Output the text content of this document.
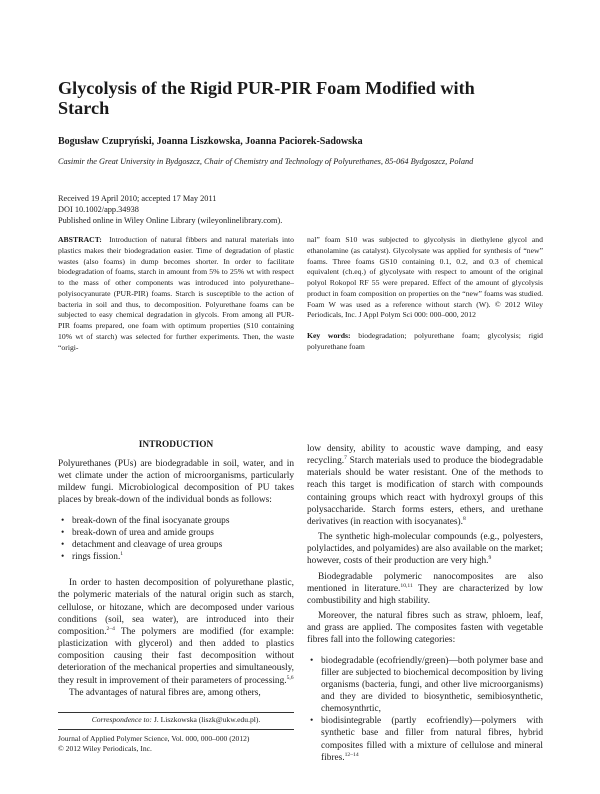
Glycolysis of the Rigid PUR-PIR Foam Modified with Starch
Bogusław Czupryński, Joanna Liszkowska, Joanna Paciorek-Sadowska
Casimir the Great University in Bydgoszcz, Chair of Chemistry and Technology of Polyurethanes, 85-064 Bydgoszcz, Poland
Received 19 April 2010; accepted 17 May 2011
DOI 10.1002/app.34938
Published online in Wiley Online Library (wileyonlinelibrary.com).
ABSTRACT: Introduction of natural fibbers and natural materials into plastics makes their biodegradation easier. Time of degradation of plastic wastes (also foams) in dump becomes shorter. In order to facilitate biodegradation of foams, starch in amount from 5% to 25% wt with respect to the mass of other components was introduced into polyurethane–polyisocyanurate (PUR-PIR) foams. Starch is susceptible to the action of bacteria in soil and thus, to decomposition. Polyurethane foams can be subjected to easy chemical degradation in glycols. From among all PUR-PIR foams prepared, one foam with optimum properties (S10 containing 10% wt of starch) was selected for further experiments. Then, the waste “origi-
nal” foam S10 was subjected to glycolysis in diethylene glycol and ethanolamine (as catalyst). Glycolysate was applied for synthesis of “new” foams. Three foams GS10 containing 0.1, 0.2, and 0.3 of chemical equivalent (ch.eq.) of glycolysate with respect to amount of the original polyol Rokopol RF 55 were prepared. Effect of the amount of glycolysis product in foam composition on properties on the “new” foams was studied. Foam W was used as a reference without starch (W). © 2012 Wiley Periodicals, Inc. J Appl Polym Sci 000: 000–000, 2012
Key words: biodegradation; polyurethane foam; glycolysis; rigid polyurethane foam
INTRODUCTION
Polyurethanes (PUs) are biodegradable in soil, water, and in wet climate under the action of microorganisms, particularly mildew fungi. Microbiological decomposition of PU takes places by break-down of the individual bonds as follows:
• break-down of the final isocyanate groups
• break-down of urea and amide groups
• detachment and cleavage of urea groups
• rings fission.$^1$
In order to hasten decomposition of polyurethane plastic, the polymeric materials of the natural origin such as starch, cellulose, or hitozane, which are decomposed under various conditions (soil, sea water), are introduced into their composition.$^{2-4}$ The polymers are modified (for example: plasticization with glycerol) and then added to plastics composition causing their fast decomposition without deterioration of the mechanical properties and simultaneously, they result in improvement of their parameters of processing.$^{5,6}$
The advantages of natural fibres are, among others,
low density, ability to acoustic wave damping, and easy recycling.$^7$ Starch materials used to produce the biodegradable materials should be water resistant. One of the methods to reach this target is modification of starch with compounds containing groups which react with hydroxyl groups of this polysaccharide. Starch forms esters, ethers, and urethane derivatives (in reaction with isocyanates).$^8$
The synthetic high-molecular compounds (e.g., polyesters, polylactides, and polyamides) are also available on the market; however, costs of their production are very high.$^9$
Biodegradable polymeric nanocomposites are also mentioned in literature.$^{10,11}$ They are characterized by low combustibility and high stability.
Moreover, the natural fibres such as straw, phloem, leaf, and grass are applied. The composites fasten with vegetable fibres fall into the following categories:
• biodegradable (ecofriendly/green)—both polymer base and filler are subjected to biochemical decomposition by living organisms (bacteria, fungi, and other live microorganisms) and they are divided to biosynthetic, semibiosynthetic, chemosynthrtic,
• biodisintegrable (partly ecofriendly)—polymers with synthetic base and filler from natural fibres, hybrid composites filled with a mixture of cellulose and mineral fibres.$^{12-14}$
Correspondence to: J. Liszkowska (liszk@ukw.edu.pl).
Journal of Applied Polymer Science, Vol. 000, 000–000 (2012)
© 2012 Wiley Periodicals, Inc.
